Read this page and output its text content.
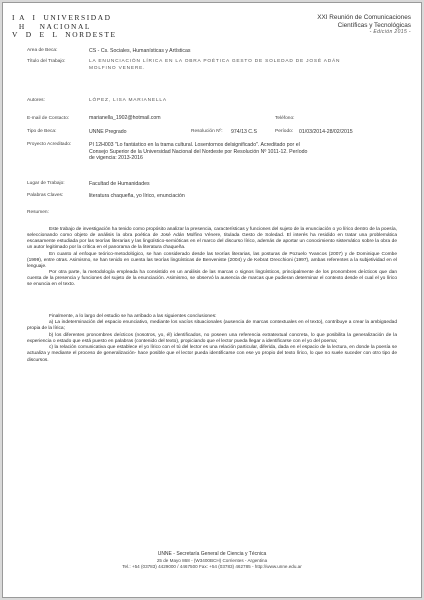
I A  I  UNIVERSIDAD
H    NACIONAL
V  D  E  L  NORDESTE
XXI Reunión de Comunicaciones
Científicas y Tecnológicas
- Edición 2015 -
Area de Beca:	CS - Cs. Sociales, Humanísticas y Artísticas
Título del Trabajo:	LA ENUNCIACIÓN LÍRICA EN LA OBRA POÉTICA GESTO DE SOLEDAD DE JOSÉ ADÁN
MOLFINO VENERE.
Autores:	LÓPEZ, LISA MARIANELLA
E-mail de Contacto:	marianella_1902@hotmail.com	Teléfono:
Tipo de Beca:	UNNE Pregrado	Resolución Nº: 974/13 C.S	Período: 01/03/2014-28/02/2015
Proyecto Acreditado:	PI 12H003 "Lo fantástico en la trama cultural. Losentornos delsignificado". Acreditado por el
Consejo Superior de la Universidad Nacional del Nordeste por Resolución Nº 1011-12. Período
de vigencia: 2013-2016
Lugar de Trabajo:	Facultad de Humanidades
Palabras Claves:	literatura chaqueña, yo lírico, enunciación
Resumen:

Este trabajo de investigación ha tenido como propósito analizar la presencia, características y funciones del sujeto de la enunciación o yo lírico dentro de la poesía, seleccionando como objeto de análisis la obra poética de José Adán Molfino Vénere, titulada Gesto de Soledad. El interés ha residido en tratar una problemática escasamente estudiada por las teorías literarias y las lingüístico-semióticas en el marco del discurso lírico, además de aportar un conocimiento sistemático sobre la obra de un autor legitimado por la crítica en el panorama de la literatura chaqueña.

En cuanto al enfoque teórico-metodológico, se han considerado desde las teorías literarias, las posturas de Pozuelo Yvancos (2007) y de Dominique Combe (1999), entre otras. Asimismo, se han tenido en cuenta las teorías lingüísticas de Benveniste (2004) y de Kebrat Orecchioni (1997), ambas referentes a la subjetividad en el lenguaje.

Por otra parte, la metodología empleada ha consistido en un análisis de las marcas o signos lingüísticos, principalmente de los pronombres deícticos que dan cuenta de la presencia y funciones del sujeto de la enunciación. Asimismo, se observó la ausencia de marcas que pudieran determinar el contexto desde el cual el yo lírico se enuncia en el texto.

Finalmente, a lo largo del estudio se ha arribado a las siguientes conclusiones:

a) La indeterminación del espacio enunciativo, mediante los vacíos situacionales (ausencia de marcas contextuales en el texto), contribuye a crear la ambigüedad propia de la lírica;

b) los diferentes pronombres deícticos (nosotros, yo, él) identificados, no poseen una referencia extratextual concreta, lo que posibilita la generalización de la experiencia o estado que está puesto en palabras (contenido del texto), propiciando que el lector pueda llegar a identificarse con el yo del poema;

c) la relación comunicativa que establece el yo lírico con el tú del lector es una relación particular, diferida, dada en el espacio de la lectura, en donde la poesía se actualiza y mediante el proceso de generalización- hace posible que el lector pueda identificarse con ese yo propio del texto lírico, lo que no suele suceder con otro tipo de discursos.

UNNE - Secretaría General de Ciencia y Técnica
25 de Mayo 868 - (W3400BCH) Corrientes - Argentina
Tel.: +54 (03783) 4429000 / 4467500 Fax: +54 (03783) 462785 - http://www.unne.edu.ar
